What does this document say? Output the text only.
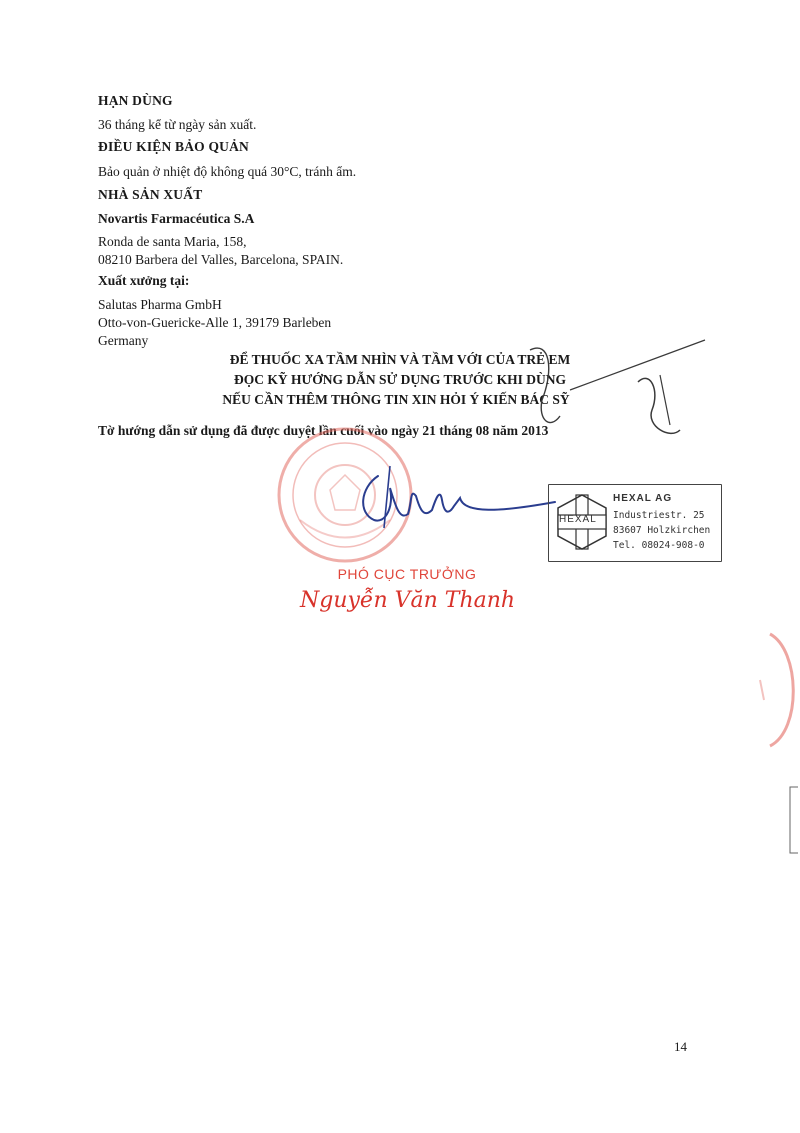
HẠN DÙNG
36 tháng kể từ ngày sản xuất.
ĐIỀU KIỆN BẢO QUẢN
Bảo quản ở nhiệt độ không quá 30°C, tránh ẩm.
NHÀ SẢN XUẤT
Novartis Farmacéutica S.A
Ronda de santa Maria, 158,
08210 Barbera del Valles, Barcelona, SPAIN.
Xuất xưởng tại:
Salutas Pharma GmbH
Otto-von-Guericke-Alle 1, 39179 Barleben
Germany
ĐỂ THUỐC XA TẦM NHÌN VÀ TẦM VỚI CỦA TRẺ EM
ĐỌC KỸ HƯỚNG DẪN SỬ DỤNG TRƯỚC KHI DÙNG
NẾU CẦN THÊM THÔNG TIN XIN HỎI Ý KIẾN BÁC SỸ
Tờ hướng dẫn sử dụng đã được duyệt lần cuối vào ngày 21 tháng 08 năm 2013
HEXAL
HEXAL AG
Industriestr. 25
83607 Holzkirchen
Tel. 08024-908-0
PHÓ CỤC TRƯỞNG
Nguyễn Văn Thanh
14
